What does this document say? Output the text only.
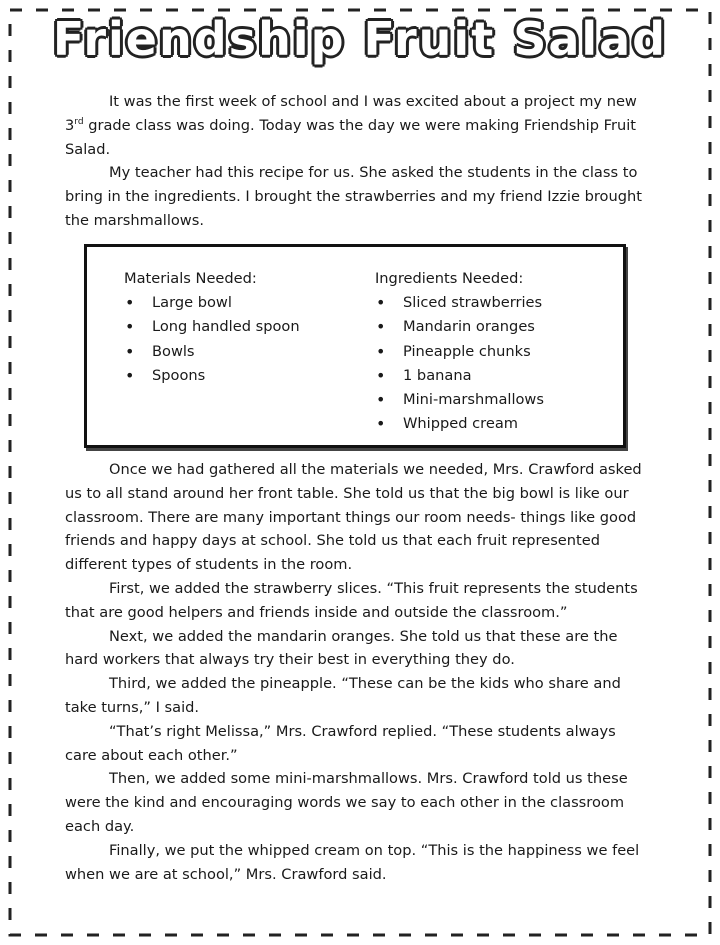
Friendship Fruit Salad

It was the first week of school and I was excited about a project my new 3rd grade class was doing. Today was the day we were making Friendship Fruit Salad.

My teacher had this recipe for us. She asked the students in the class to bring in the ingredients. I brought the strawberries and my friend Izzie brought the marshmallows.

Materials Needed:
• Large bowl
• Long handled spoon
• Bowls
• Spoons
Ingredients Needed:
• Sliced strawberries
• Mandarin oranges
• Pineapple chunks
• 1 banana
• Mini-marshmallows
• Whipped cream

Once we had gathered all the materials we needed, Mrs. Crawford asked us to all stand around her front table. She told us that the big bowl is like our classroom. There are many important things our room needs- things like good friends and happy days at school. She told us that each fruit represented different types of students in the room.

First, we added the strawberry slices. “This fruit represents the students that are good helpers and friends inside and outside the classroom.”

Next, we added the mandarin oranges. She told us that these are the hard workers that always try their best in everything they do.

Third, we added the pineapple. “These can be the kids who share and take turns,” I said.

“That’s right Melissa,” Mrs. Crawford replied. “These students always care about each other.”

Then, we added some mini-marshmallows. Mrs. Crawford told us these were the kind and encouraging words we say to each other in the classroom each day.

Finally, we put the whipped cream on top. “This is the happiness we feel when we are at school,” Mrs. Crawford said.
